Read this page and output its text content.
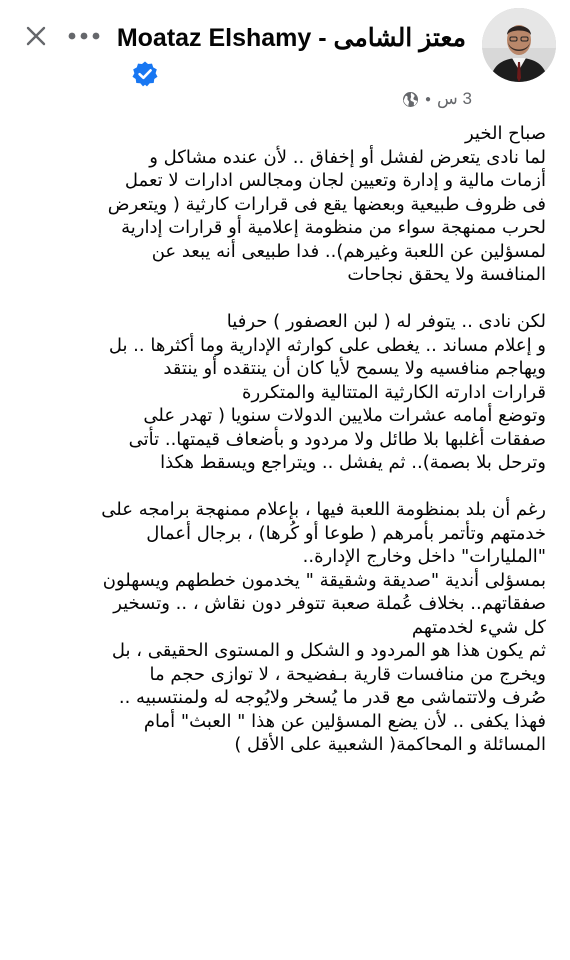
Moataz Elshamy - معتز الشامى
3 س
●
صباح الخير
لما نادى يتعرض لفشل أو إخفاق .. لأن عنده مشاكل و
أزمات مالية و إدارة وتعيين لجان ومجالس ادارات لا تعمل
فى ظروف طبيعية وبعضها يقع فى قرارات كارثية ( ويتعرض
لحرب ممنهجة سواء من منظومة إعلامية أو قرارات إدارية
لمسؤلين عن اللعبة وغيرهم).. فدا طبيعى أنه يبعد عن
المنافسة ولا يحقق نجاحات
لكن نادى .. يتوفر له ( لبن العصفور ) حرفيا
و إعلام مساند .. يغطى على كوارثه الإدارية وما أكثرها .. بل
ويهاجم منافسيه ولا يسمح لأيا كان أن ينتقده أو ينتقد
قرارات ادارته الكارثية المتتالية والمتكررة
وتوضع أمامه عشرات ملايين الدولات سنويا ( تهدر على
صفقات أغلبها بلا طائل ولا مردود و بأضعاف قيمتها.. تأتى
وترحل بلا بصمة).. ثم يفشل .. ويتراجع ويسقط هكذا
رغم أن بلد بمنظومة اللعبة فيها ، بإعلام ممنهجة برامجه على
خدمتهم وتأتمر بأمرهم ( طوعا أو كُرها) ، برجال أعمال
"المليارات" داخل وخارج الإدارة..
بمسؤلى أندية "صديقة وشقيقة " يخدمون خططهم ويسهلون
صفقاتهم.. بخلاف عُملة صعبة تتوفر دون نقاش ، .. وتسخير
كل شيء لخدمتهم
ثم يكون هذا هو المردود و الشكل و المستوى الحقيقى ، بل
ويخرج من منافسات قارية بـفضيحة ، لا توازى حجم ما
صُرف ولاتتماشى مع قدر ما يُسخر ولايُوجه له ولمنتسبيه ..
فهذا يكفى .. لأن يضع المسؤلين عن هذا " العبث" أمام
المسائلة و المحاكمة( الشعبية على الأقل )
